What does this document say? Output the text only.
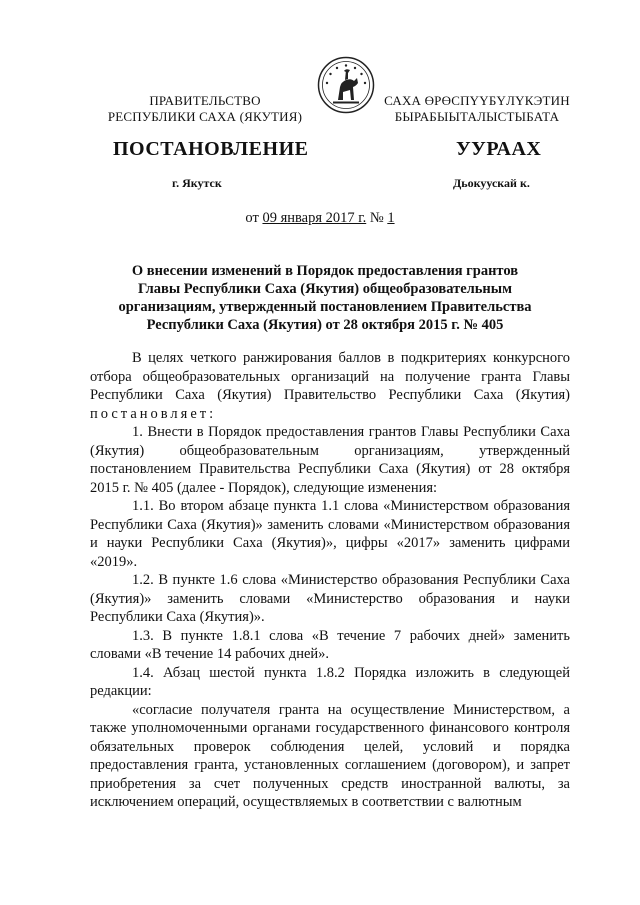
ПРАВИТЕЛЬСТВО
РЕСПУБЛИКИ САХА (ЯКУТИЯ)
САХА ӨРӨСПҮҮБҮЛҮКЭТИН
БЫРАБЫЫТАЛЫСТЫБАТА
ПОСТАНОВЛЕНИЕ	УУРААХ
г. Якутск	Дьокуускай к.
от 09 января 2017 г. № 1
О внесении изменений в Порядок предоставления грантов Главы Республики Саха (Якутия) общеобразовательным организациям, утвержденный постановлением Правительства Республики Саха (Якутия) от 28 октября 2015 г. № 405

В целях четкого ранжирования баллов в подкритериях конкурсного отбора общеобразовательных организаций на получение гранта Главы Республики Саха (Якутия) Правительство Республики Саха (Якутия) постановляет:

1. Внести в Порядок предоставления грантов Главы Республики Саха (Якутия) общеобразовательным организациям, утвержденный постановлением Правительства Республики Саха (Якутия) от 28 октября 2015 г. № 405 (далее - Порядок), следующие изменения:

1.1. Во втором абзаце пункта 1.1 слова «Министерством образования Республики Саха (Якутия)» заменить словами «Министерством образования и науки Республики Саха (Якутия)», цифры «2017» заменить цифрами «2019».

1.2. В пункте 1.6 слова «Министерство образования Республики Саха (Якутия)» заменить словами «Министерство образования и науки Республики Саха (Якутия)».

1.3. В пункте 1.8.1 слова «В течение 7 рабочих дней» заменить словами «В течение 14 рабочих дней».

1.4. Абзац шестой пункта 1.8.2 Порядка изложить в следующей редакции:

«согласие получателя гранта на осуществление Министерством, а также уполномоченными органами государственного финансового контроля обязательных проверок соблюдения целей, условий и порядка предоставления гранта, установленных соглашением (договором), и запрет приобретения за счет полученных средств иностранной валюты, за исключением операций, осуществляемых в соответствии с валютным
